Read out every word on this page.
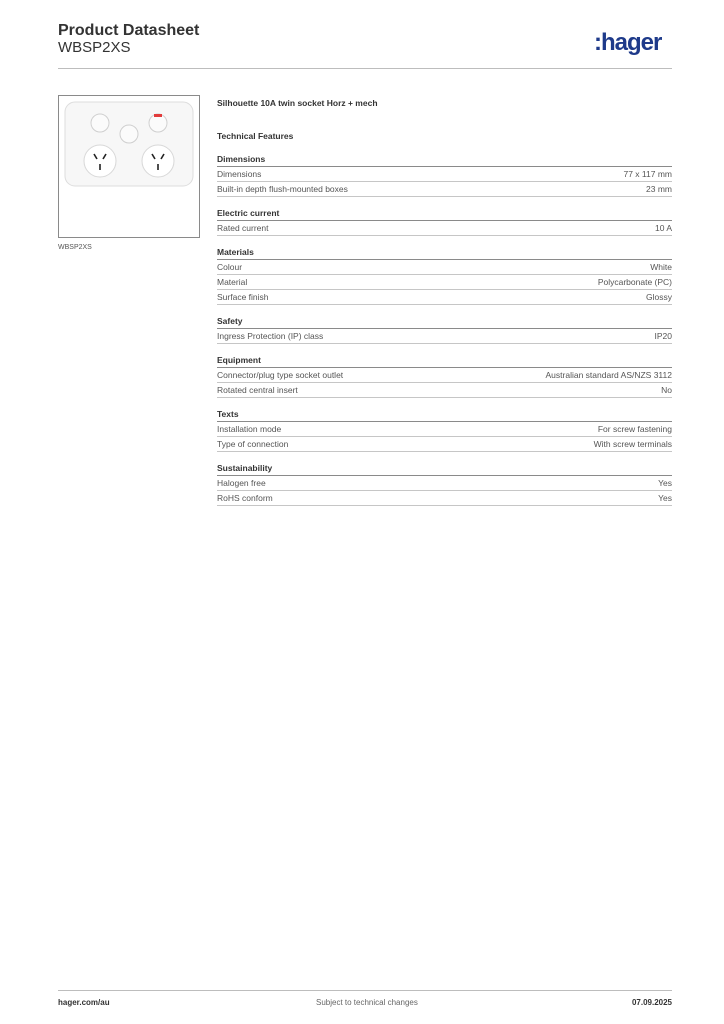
Product Datasheet
WBSP2XS	:hager
WBSP2XS
Silhouette 10A twin socket Horz + mech
Technical Features
Dimensions
Dimensions	77 x 117 mm
Built-in depth flush-mounted boxes	23 mm
Electric current
Rated current	10 A
Materials
Colour	White
Material	Polycarbonate (PC)
Surface finish	Glossy
Safety
Ingress Protection (IP) class	IP20
Equipment
Connector/plug type socket outlet	Australian standard AS/NZS 3112
Rotated central insert	No
Texts
Installation mode	For screw fastening
Type of connection	With screw terminals
Sustainability
Halogen free	Yes
RoHS conform	Yes
hager.com/au	Subject to technical changes	07.09.2025
